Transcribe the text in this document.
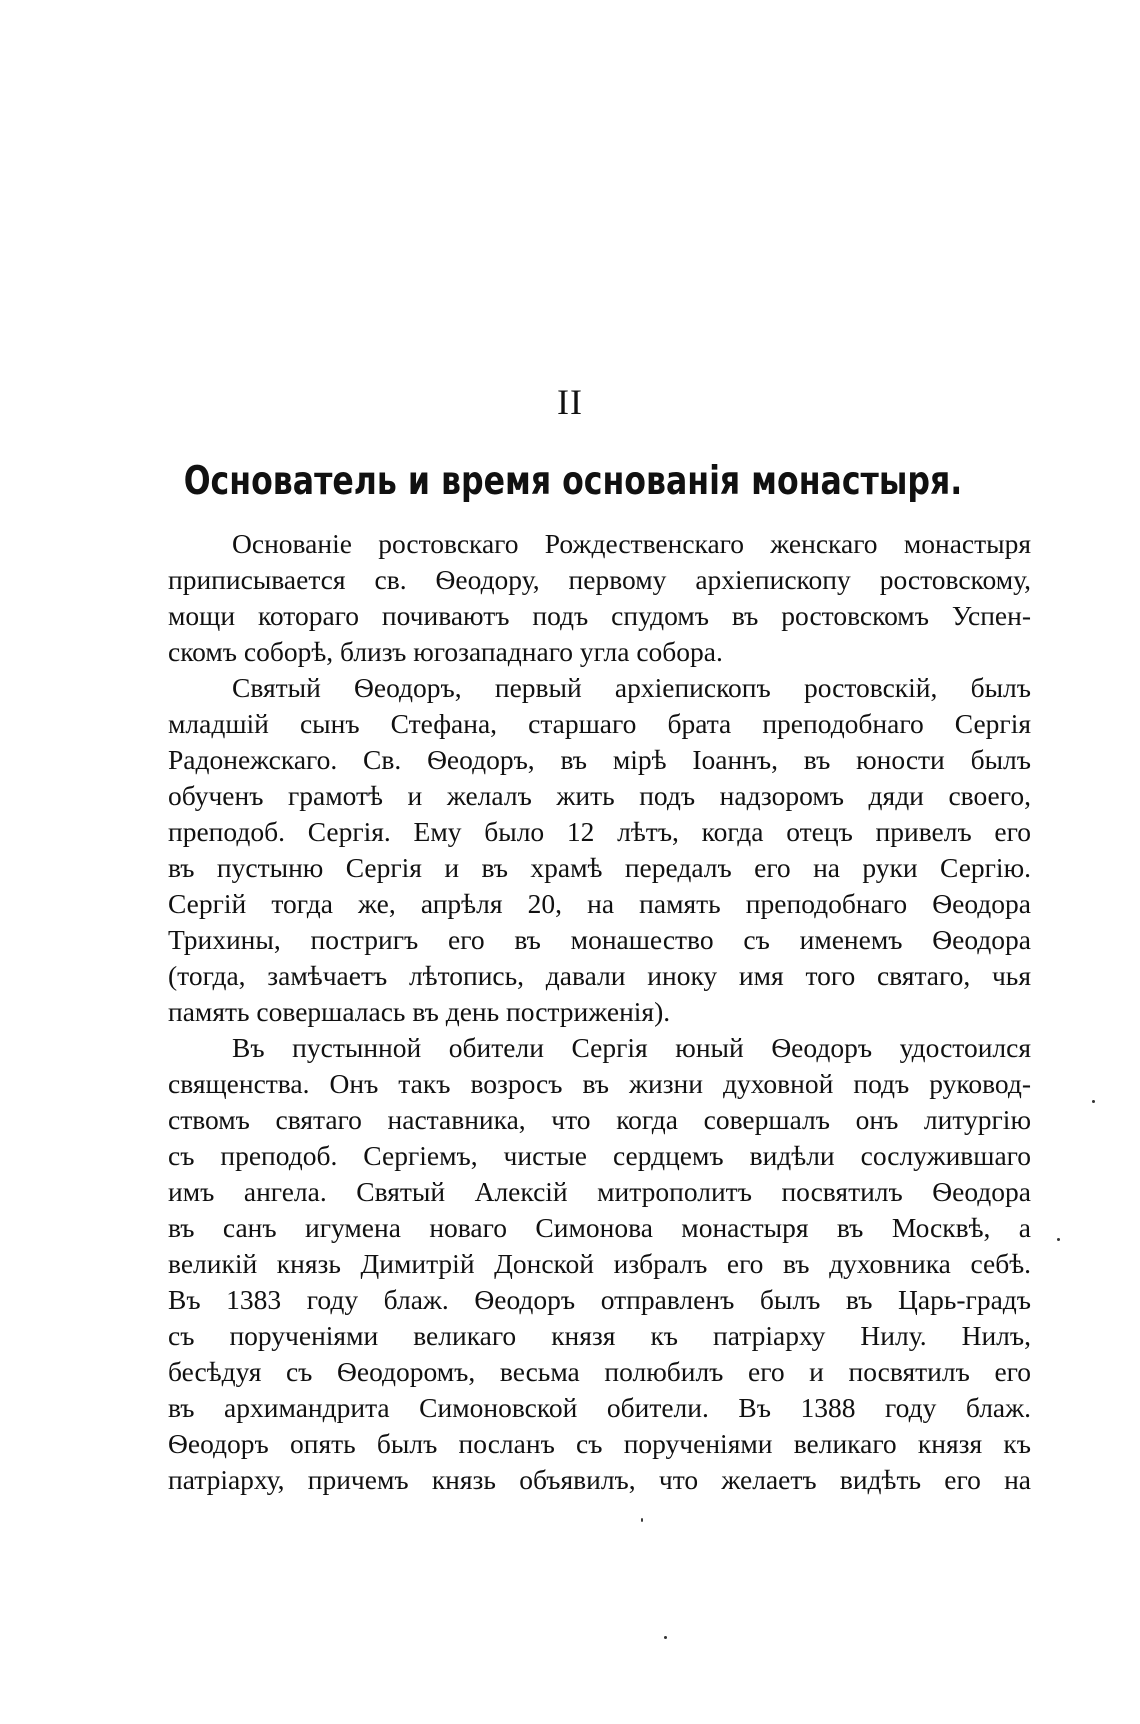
II
Основатель и время основанія монастыря.
Основаніе ростовскаго Рождественскаго женскаго монастыря
приписывается св. Ѳеодору, первому архіепископу ростовскому,
мощи котораго почиваютъ подъ спудомъ въ ростовскомъ Успен-
скомъ соборѣ, близъ югозападнаго угла собора.
Святый Ѳеодоръ, первый архіепископъ ростовскій, былъ
младшій сынъ Стефана, старшаго брата преподобнаго Сергія
Радонежскаго. Св. Ѳеодоръ, въ мірѣ Іоаннъ, въ юности былъ
обученъ грамотѣ и желалъ жить подъ надзоромъ дяди своего,
преподоб. Сергія. Ему было 12 лѣтъ, когда отецъ привелъ его
въ пустыню Сергія и въ храмѣ передалъ его на руки Сергію.
Сергій тогда же, апрѣля 20, на память преподобнаго Ѳеодора
Трихины, постригъ его въ монашество съ именемъ Ѳеодора
(тогда, замѣчаетъ лѣтопись, давали иноку имя того святаго, чья
память совершалась въ день постриженія).
Въ пустынной обители Сергія юный Ѳеодоръ удостоился
священства. Онъ такъ возросъ въ жизни духовной подъ руковод-
ствомъ святаго наставника, что когда совершалъ онъ литургію
съ преподоб. Сергіемъ, чистые сердцемъ видѣли сослужившаго
имъ ангела. Святый Алексій митрополитъ посвятилъ Ѳеодора
въ санъ игумена новаго Симонова монастыря въ Москвѣ, а
великій князь Димитрій Донской избралъ его въ духовника себѣ.
Въ 1383 году блаж. Ѳеодоръ отправленъ былъ въ Царь-градъ
съ порученіями великаго князя къ патріарху Нилу. Нилъ,
бесѣдуя съ Ѳеодоромъ, весьма полюбилъ его и посвятилъ его
въ архимандрита Симоновской обители. Въ 1388 году блаж.
Ѳеодоръ опять былъ посланъ съ порученіями великаго князя къ
патріарху, причемъ князь объявилъ, что желаетъ видѣть его на
